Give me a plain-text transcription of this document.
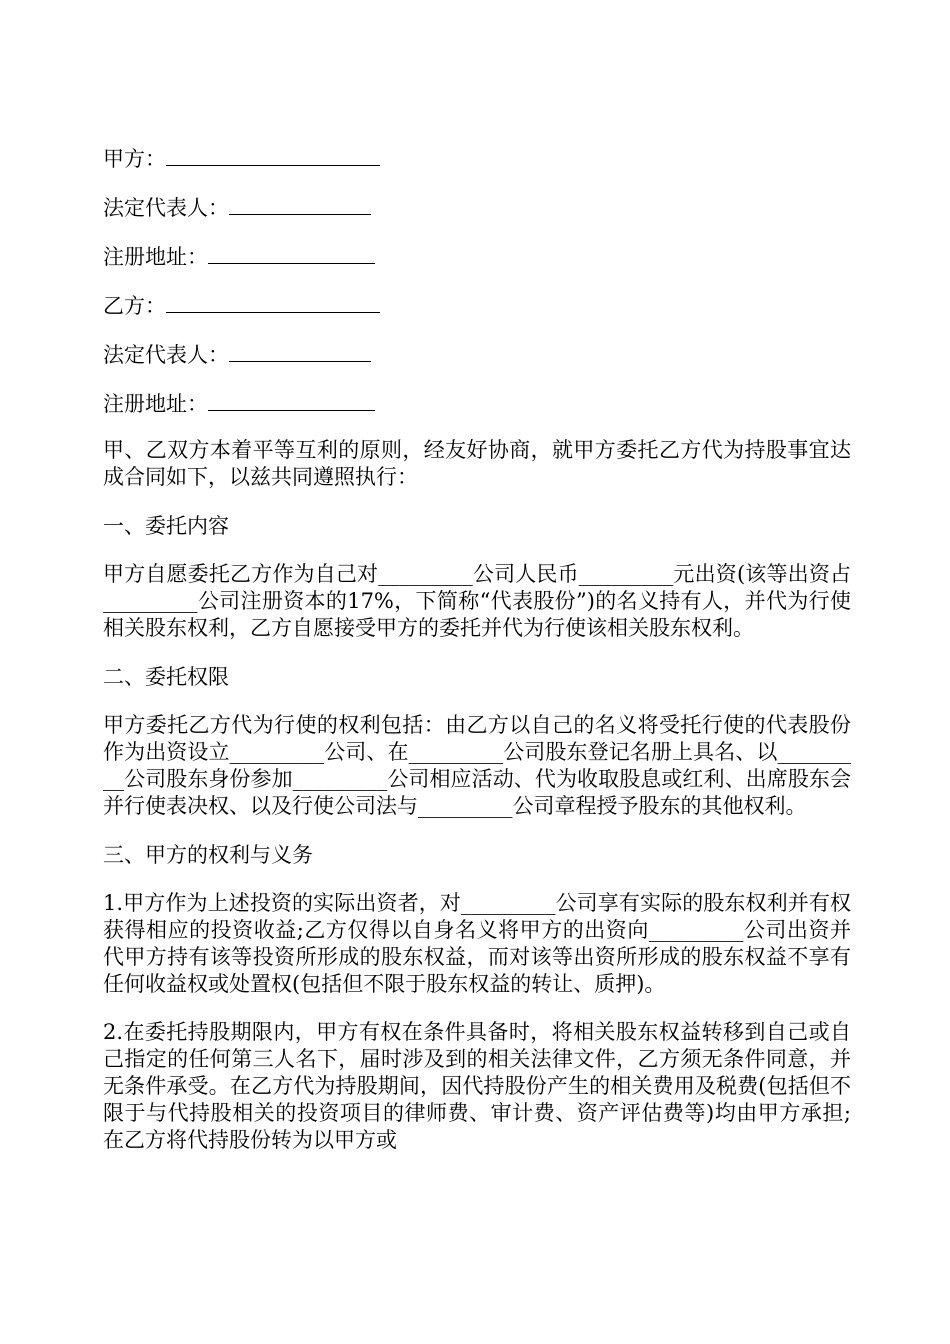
甲方：
法定代表人：
注册地址：
乙方：
法定代表人：
注册地址：

甲、乙双方本着平等互利的原则，经友好协商，就甲方委托乙方代为持股事宜达成合同如下，以兹共同遵照执行：

一、委托内容

甲方自愿委托乙方作为自己对_________公司人民币_________元出资(该等出资占_________公司注册资本的17%，下简称“代表股份”)的名义持有人，并代为行使相关股东权利，乙方自愿接受甲方的委托并代为行使该相关股东权利。

二、委托权限

甲方委托乙方代为行使的权利包括：由乙方以自己的名义将受托行使的代表股份作为出资设立_________公司、在_________公司股东登记名册上具名、以_________公司股东身份参加_________公司相应活动、代为收取股息或红利、出席股东会并行使表决权、以及行使公司法与_________公司章程授予股东的其他权利。

三、甲方的权利与义务

1.甲方作为上述投资的实际出资者，对_________公司享有实际的股东权利并有权获得相应的投资收益;乙方仅得以自身名义将甲方的出资向_________公司出资并代甲方持有该等投资所形成的股东权益，而对该等出资所形成的股东权益不享有任何收益权或处置权(包括但不限于股东权益的转让、质押)。

2.在委托持股期限内，甲方有权在条件具备时，将相关股东权益转移到自己或自己指定的任何第三人名下，届时涉及到的相关法律文件，乙方须无条件同意，并无条件承受。在乙方代为持股期间，因代持股份产生的相关费用及税费(包括但不限于与代持股相关的投资项目的律师费、审计费、资产评估费等)均由甲方承担;在乙方将代持股份转为以甲方或
